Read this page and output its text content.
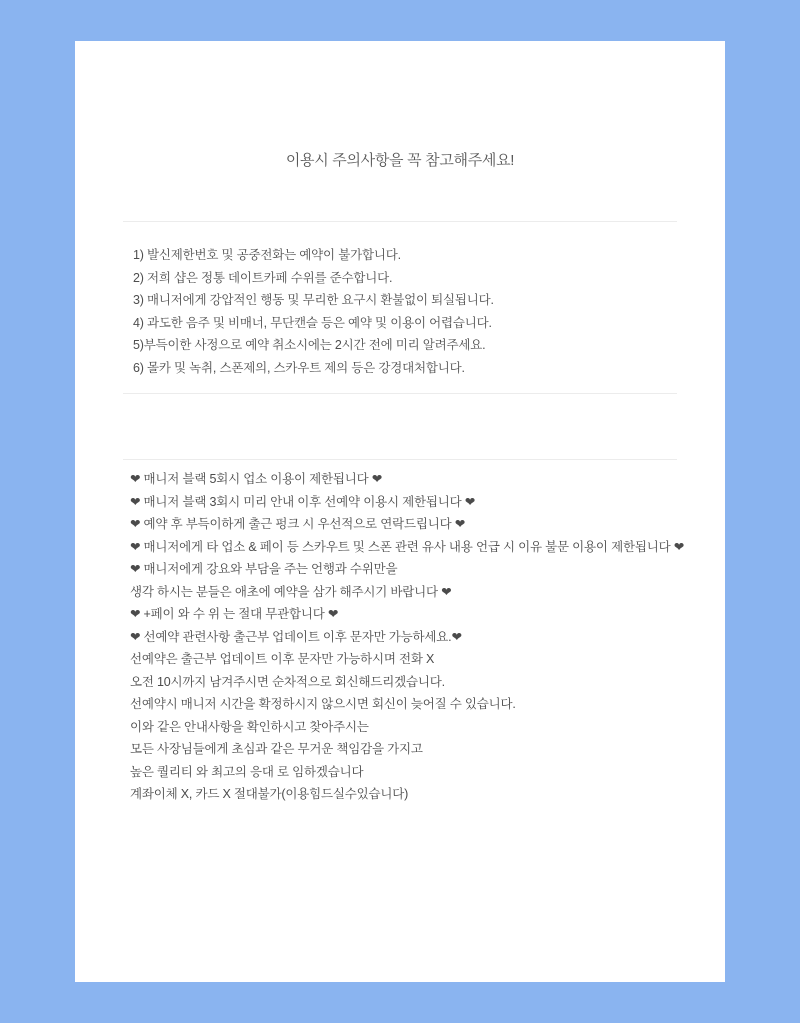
이용시 주의사항을 꼭 참고해주세요!
1) 발신제한번호 및 공중전화는 예약이 불가합니다.
2) 저희 샵은 정통 데이트카페 수위를 준수합니다.
3) 매니저에게 강압적인 행동 및 무리한 요구시 환불없이 퇴실됩니다.
4) 과도한 음주 및 비매너, 무단캔슬 등은 예약 및 이용이 어렵습니다.
5)부득이한 사정으로 예약 취소시에는 2시간 전에 미리 알려주세요.
6) 몰카 및 녹취, 스폰제의, 스카우트 제의 등은 강경대처합니다.
❤ 매니저 블랙 5회시 업소 이용이 제한됩니다 ❤
❤ 매니저 블랙 3회시 미리 안내 이후 선예약 이용시 제한됩니다 ❤
❤ 예약 후 부득이하게 출근 펑크 시 우선적으로 연락드립니다 ❤
❤ 매니저에게 타 업소 & 페이 등 스카우트 및 스폰 관련 유사 내용 언급 시 이유 불문 이용이 제한됩니다 ❤
❤ 매니저에게 강요와 부담을 주는 언행과 수위만을
생각 하시는 분들은 애초에 예약을 삼가 해주시기 바랍니다 ❤
❤ +페이 와 수 위 는 절대 무관합니다 ❤
❤ 선예약 관련사항 출근부 업데이트 이후 문자만 가능하세요.❤
선예약은 출근부 업데이트 이후 문자만 가능하시며 전화 X
오전 10시까지 남겨주시면 순차적으로 회신해드리겠습니다.
선예약시 매니저 시간을 확정하시지 않으시면 회신이 늦어질 수 있습니다.
이와 같은 안내사항을 확인하시고 찾아주시는
모든 사장님들에게 초심과 같은 무거운 책임감을 가지고
높은 퀄리티 와 최고의 응대 로 임하겠습니다
계좌이체 X, 카드 X 절대불가(이용힘드실수있습니다)
